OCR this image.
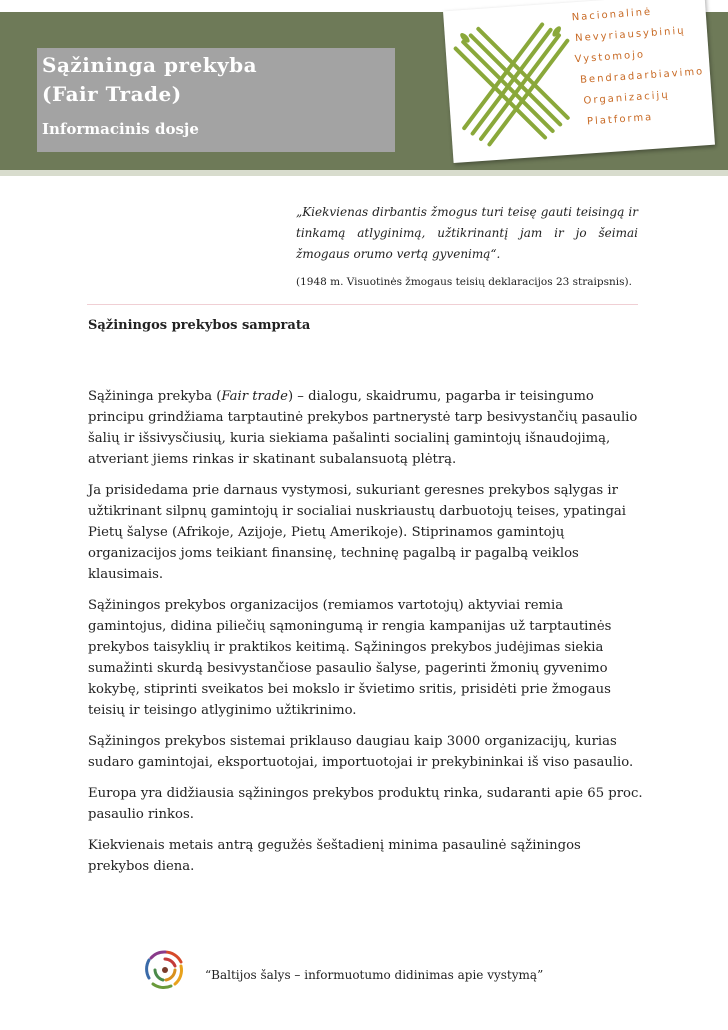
Sąžininga prekyba
(Fair Trade)
Informacinis dosje
Nacionalinė
Nevyriausybinių
Vystomojo
Bendradarbiavimo
Organizacijų
Platforma
„Kiekvienas dirbantis žmogus turi teisę gauti teisingą ir tinkamą atlyginimą, užtikrinantį jam ir jo šeimai žmogaus orumo vertą gyvenimą“.
(1948 m. Visuotinės žmogaus teisių deklaracijos 23 straipsnis).
Sąžiningos prekybos samprata

Sąžininga prekyba (Fair trade) – dialogu, skaidrumu, pagarba ir teisingumo principu grindžiama tarptautinė prekybos partnerystė tarp besivystančių pasaulio šalių ir išsivysčiusių, kuria siekiama pašalinti socialinį gamintojų išnaudojimą, atveriant jiems rinkas ir skatinant subalansuotą plėtrą.

Ja prisidedama prie darnaus vystymosi, sukuriant geresnes prekybos sąlygas ir užtikrinant silpnų gamintojų ir socialiai nuskriaustų darbuotojų teises, ypatingai Pietų šalyse (Afrikoje, Azijoje, Pietų Amerikoje). Stiprinamos gamintojų organizacijos joms teikiant finansinę, techninę pagalbą ir pagalbą veiklos klausimais.

Sąžiningos prekybos organizacijos (remiamos vartotojų) aktyviai remia gamintojus, didina piliečių sąmoningumą ir rengia kampanijas už tarptautinės prekybos taisyklių ir praktikos keitimą. Sąžiningos prekybos judėjimas siekia sumažinti skurdą besivystančiose pasaulio šalyse, pagerinti žmonių gyvenimo kokybę, stiprinti sveikatos bei mokslo ir švietimo sritis, prisidėti prie žmogaus teisių ir teisingo atlyginimo užtikrinimo.

Sąžiningos prekybos sistemai priklauso daugiau kaip 3000 organizacijų, kurias sudaro gamintojai, eksportuotojai, importuotojai ir prekybininkai iš viso pasaulio.

Europa yra didžiausia sąžiningos prekybos produktų rinka, sudaranti apie 65 proc. pasaulio rinkos.

Kiekvienais metais antrą gegužės šeštadienį minima pasaulinė sąžiningos prekybos diena.

“Baltijos šalys – informuotumo didinimas apie vystymą”
